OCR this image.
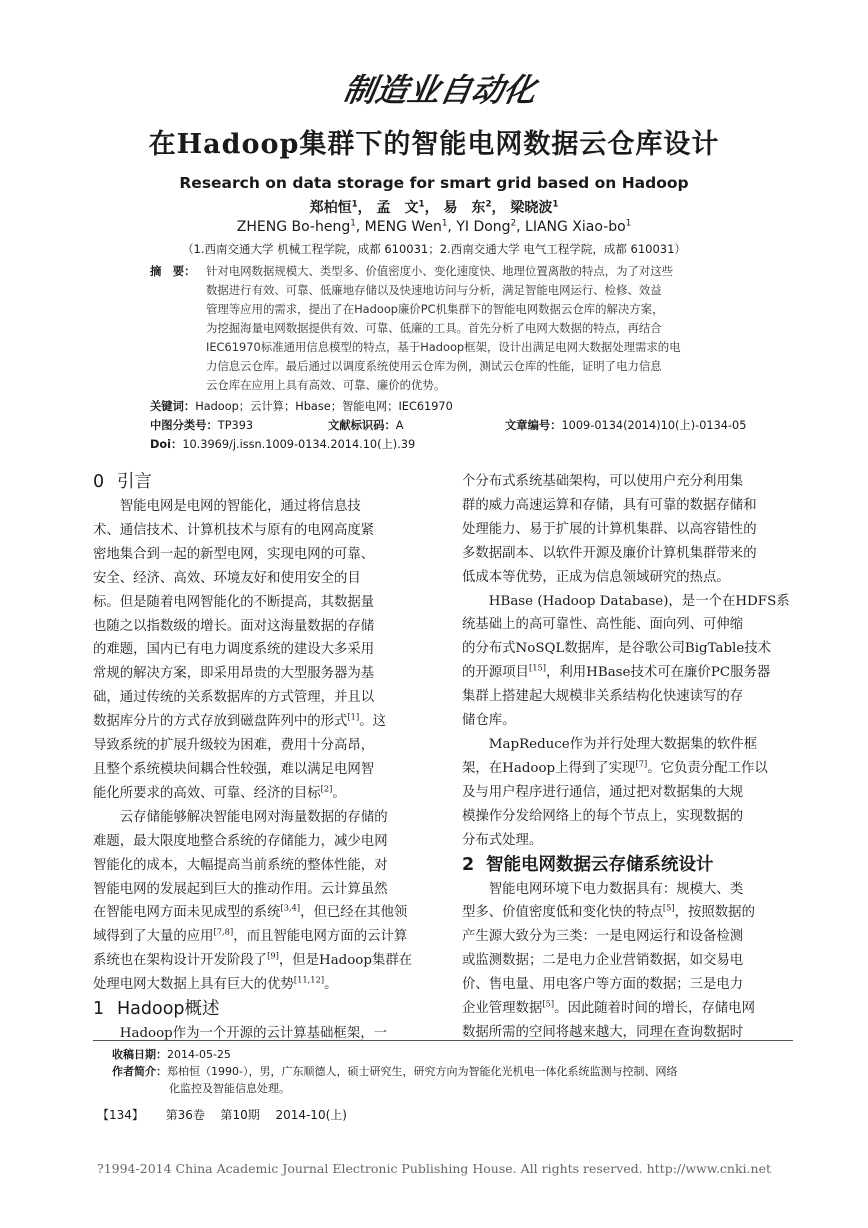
制造业自动化
在Hadoop集群下的智能电网数据云仓库设计
Research on data storage for smart grid based on Hadoop
郑柏恒$^1$， 孟　文$^1$， 易　东$^2$， 梁晓波$^1$
ZHENG Bo-heng$^1$, MENG Wen$^1$, YI Dong$^2$, LIANG Xiao-$bo^1$
（1.西南交通大学 机械工程学院，成都 610031；2.西南交通大学 电气工程学院，成都 610031）
摘　要： 针对电网数据规模大、类型多、价值密度小、变化速度快、地理位置离散的特点，为了对这些
数据进行有效、可靠、低廉地存储以及快速地访问与分析，满足智能电网运行、检修、效益
管理等应用的需求，提出了在Hadoop廉价PC机集群下的智能电网数据云仓库的解决方案，
为挖掘海量电网数据提供有效、可靠、低廉的工具。首先分析了电网大数据的特点，再结合
IEC61970标准通用信息模型的特点，基于Hadoop框架，设计出满足电网大数据处理需求的电
力信息云仓库。最后通过以调度系统使用云仓库为例，测试云仓库的性能，证明了电力信息
云仓库在应用上具有高效、可靠、廉价的优势。
关键词：Hadoop；云计算；Hbase；智能电网；IEC61970
中图分类号：TP393	文献标识码：A	文章编号：1009-0134(2014)10(上)-0134-05
Doi：10.3969/j.issn.1009-0134.2014.10(上).39
0 引言

智能电网是电网的智能化，通过将信息技
术、通信技术、计算机技术与原有的电网高度紧
密地集合到一起的新型电网，实现电网的可靠、
安全、经济、高效、环境友好和使用安全的目
标。但是随着电网智能化的不断提高，其数据量
也随之以指数级的增长。面对这海量数据的存储
的难题，国内已有电力调度系统的建设大多采用
常规的解决方案，即采用昂贵的大型服务器为基
础，通过传统的关系数据库的方式管理，并且以
数据库分片的方式存放到磁盘阵列中的形式[1]。这
导致系统的扩展升级较为困难，费用十分高昂，
且整个系统模块间耦合性较强，难以满足电网智
能化所要求的高效、可靠、经济的目标[2]。

云存储能够解决智能电网对海量数据的存储的
难题，最大限度地整合系统的存储能力，减少电网
智能化的成本，大幅提高当前系统的整体性能，对
智能电网的发展起到巨大的推动作用。云计算虽然
在智能电网方面未见成型的系统[3,4]，但已经在其他领
域得到了大量的应用[7,8]，而且智能电网方面的云计算
系统也在架构设计开发阶段了[9]，但是Hadoop集群在
处理电网大数据上具有巨大的优势[11,12]。

1 Hadoop概述

Hadoop作为一个开源的云计算基础框架，一

个分布式系统基础架构，可以使用户充分利用集
群的威力高速运算和存储，具有可靠的数据存储和
处理能力、易于扩展的计算机集群、以高容错性的
多数据副本、以软件开源及廉价计算机集群带来的
低成本等优势，正成为信息领域研究的热点。

HBase (Hadoop Database)，是一个在HDFS系
统基础上的高可靠性、高性能、面向列、可伸缩
的分布式NoSQL数据库，是谷歌公司BigTable技术
的开源项目[15]，利用HBase技术可在廉价PC服务器
集群上搭建起大规模非关系结构化快速读写的存
储仓库。

MapReduce作为并行处理大数据集的软件框
架，在Hadoop上得到了实现[7]。它负责分配工作以
及与用户程序进行通信，通过把对数据集的大规
模操作分发给网络上的每个节点上，实现数据的
分布式处理。

2 智能电网数据云存储系统设计

智能电网环境下电力数据具有：规模大、类
型多、价值密度低和变化快的特点[5]，按照数据的
产生源大致分为三类：一是电网运行和设备检测
或监测数据；二是电力企业营销数据，如交易电
价、售电量、用电客户等方面的数据；三是电力
企业管理数据[5]。因此随着时间的增长，存储电网
数据所需的空间将越来越大，同理在查询数据时

收稿日期：2014-05-25
作者简介：郑柏恒（1990-），男，广东顺德人，硕士研究生，研究方向为智能化光机电一体化系统监测与控制、网络
化监控及智能信息处理。
【134】 第36卷 第10期 2014-10(上)
?1994-2014 China Academic Journal Electronic Publishing House. All rights reserved. http://www.cnki.net
